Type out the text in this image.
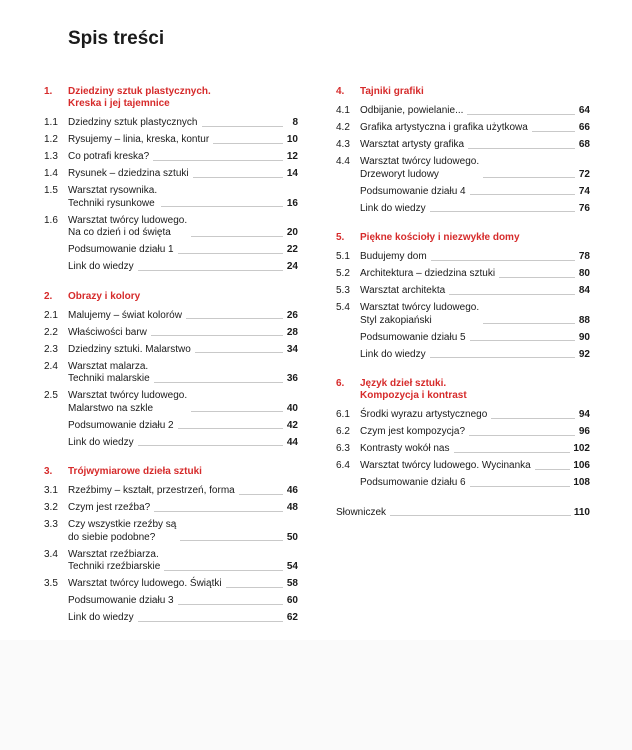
Spis treści
1.	Dziedziny sztuk plastycznych.
Kreska i jej tajemnice
1.1	Dziedziny sztuk plastycznych	8
1.2	Rysujemy – linia, kreska, kontur	10
1.3	Co potrafi kreska?	12
1.4	Rysunek – dziedzina sztuki	14
1.5	Warsztat rysownika.
Techniki rysunkowe	16
1.6	Warsztat twórcy ludowego.
Na co dzień i od święta	20
Podsumowanie działu 1	22
Link do wiedzy	24
2.	Obrazy i kolory
2.1	Malujemy – świat kolorów	26
2.2	Właściwości barw	28
2.3	Dziedziny sztuki. Malarstwo	34
2.4	Warsztat malarza.
Techniki malarskie	36
2.5	Warsztat twórcy ludowego.
Malarstwo na szkle	40
Podsumowanie działu 2	42
Link do wiedzy	44
3.	Trójwymiarowe dzieła sztuki
3.1	Rzeźbimy – kształt, przestrzeń, forma	46
3.2	Czym jest rzeźba?	48
3.3	Czy wszystkie rzeźby są
do siebie podobne?	50
3.4	Warsztat rzeźbiarza.
Techniki rzeźbiarskie	54
3.5	Warsztat twórcy ludowego. Świątki	58
Podsumowanie działu 3	60
Link do wiedzy	62
4.	Tajniki grafiki
4.1	Odbijanie, powielanie...	64
4.2	Grafika artystyczna i grafika użytkowa	66
4.3	Warsztat artysty grafika	68
4.4	Warsztat twórcy ludowego.
Drzeworyt ludowy	72
Podsumowanie działu 4	74
Link do wiedzy	76
5.	Piękne kościoły i niezwykłe domy
5.1	Budujemy dom	78
5.2	Architektura – dziedzina sztuki	80
5.3	Warsztat architekta	84
5.4	Warsztat twórcy ludowego.
Styl zakopiański	88
Podsumowanie działu 5	90
Link do wiedzy	92
6.	Język dzieł sztuki.
Kompozycja i kontrast
6.1	Środki wyrazu artystycznego	94
6.2	Czym jest kompozycja?	96
6.3	Kontrasty wokół nas	102
6.4	Warsztat twórcy ludowego. Wycinanka	106
Podsumowanie działu 6	108
Słowniczek	110
